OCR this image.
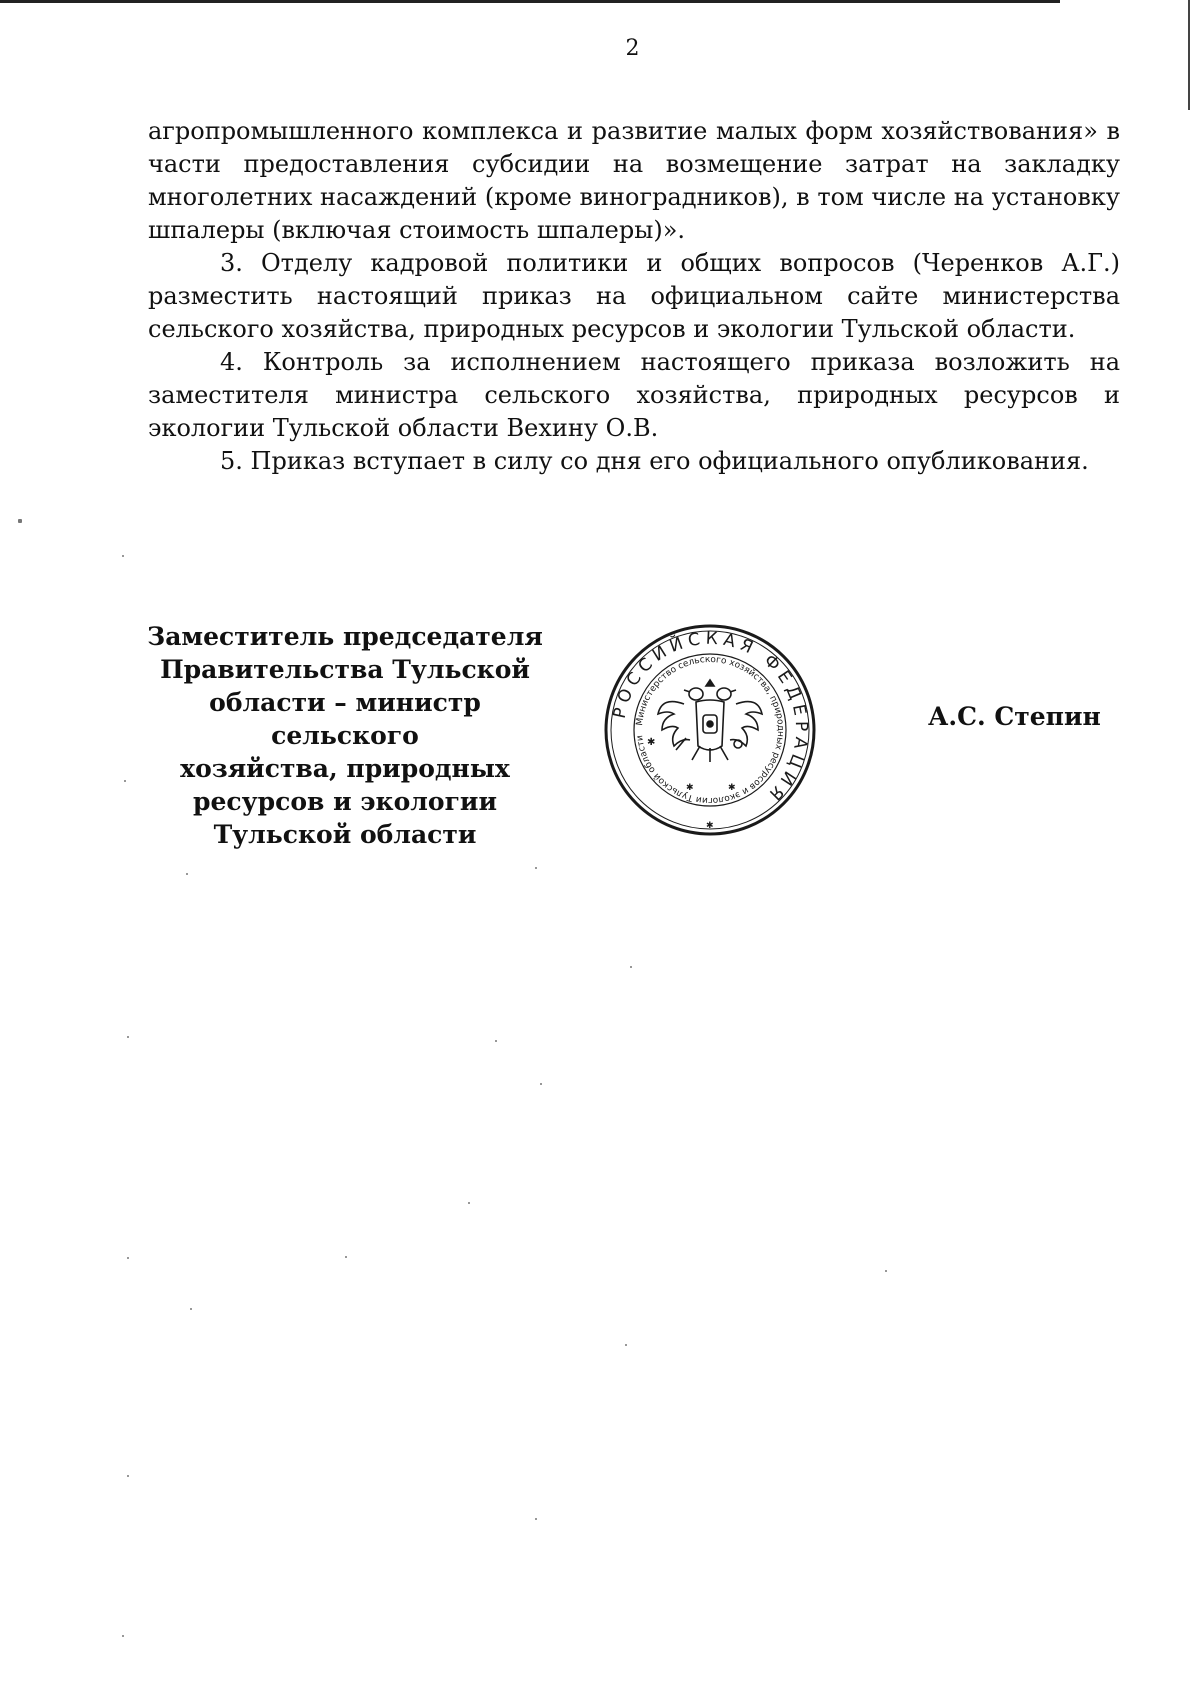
2

агропромышленного комплекса и развитие малых форм хозяйствования» в части предоставления субсидии на возмещение затрат на закладку многолетних насаждений (кроме виноградников), в том числе на установку шпалеры (включая стоимость шпалеры)».

3. Отделу кадровой политики и общих вопросов (Черенков А.Г.) разместить настоящий приказ на официальном сайте министерства сельского хозяйства, природных ресурсов и экологии Тульской области.

4. Контроль за исполнением настоящего приказа возложить на заместителя министра сельского хозяйства, природных ресурсов и экологии Тульской области Вехину О.В.

5. Приказ вступает в силу со дня его официального опубликования.

Заместитель председателя
Правительства Тульской
области – министр сельского
хозяйства, природных
ресурсов и экологии
Тульской области
РОССИЙСКАЯ ФЕДЕРАЦИЯ
Министерство сельского хозяйства, природных ресурсов и экологии Тульской области ✱
✱	✱
✱
А.С. Степин
